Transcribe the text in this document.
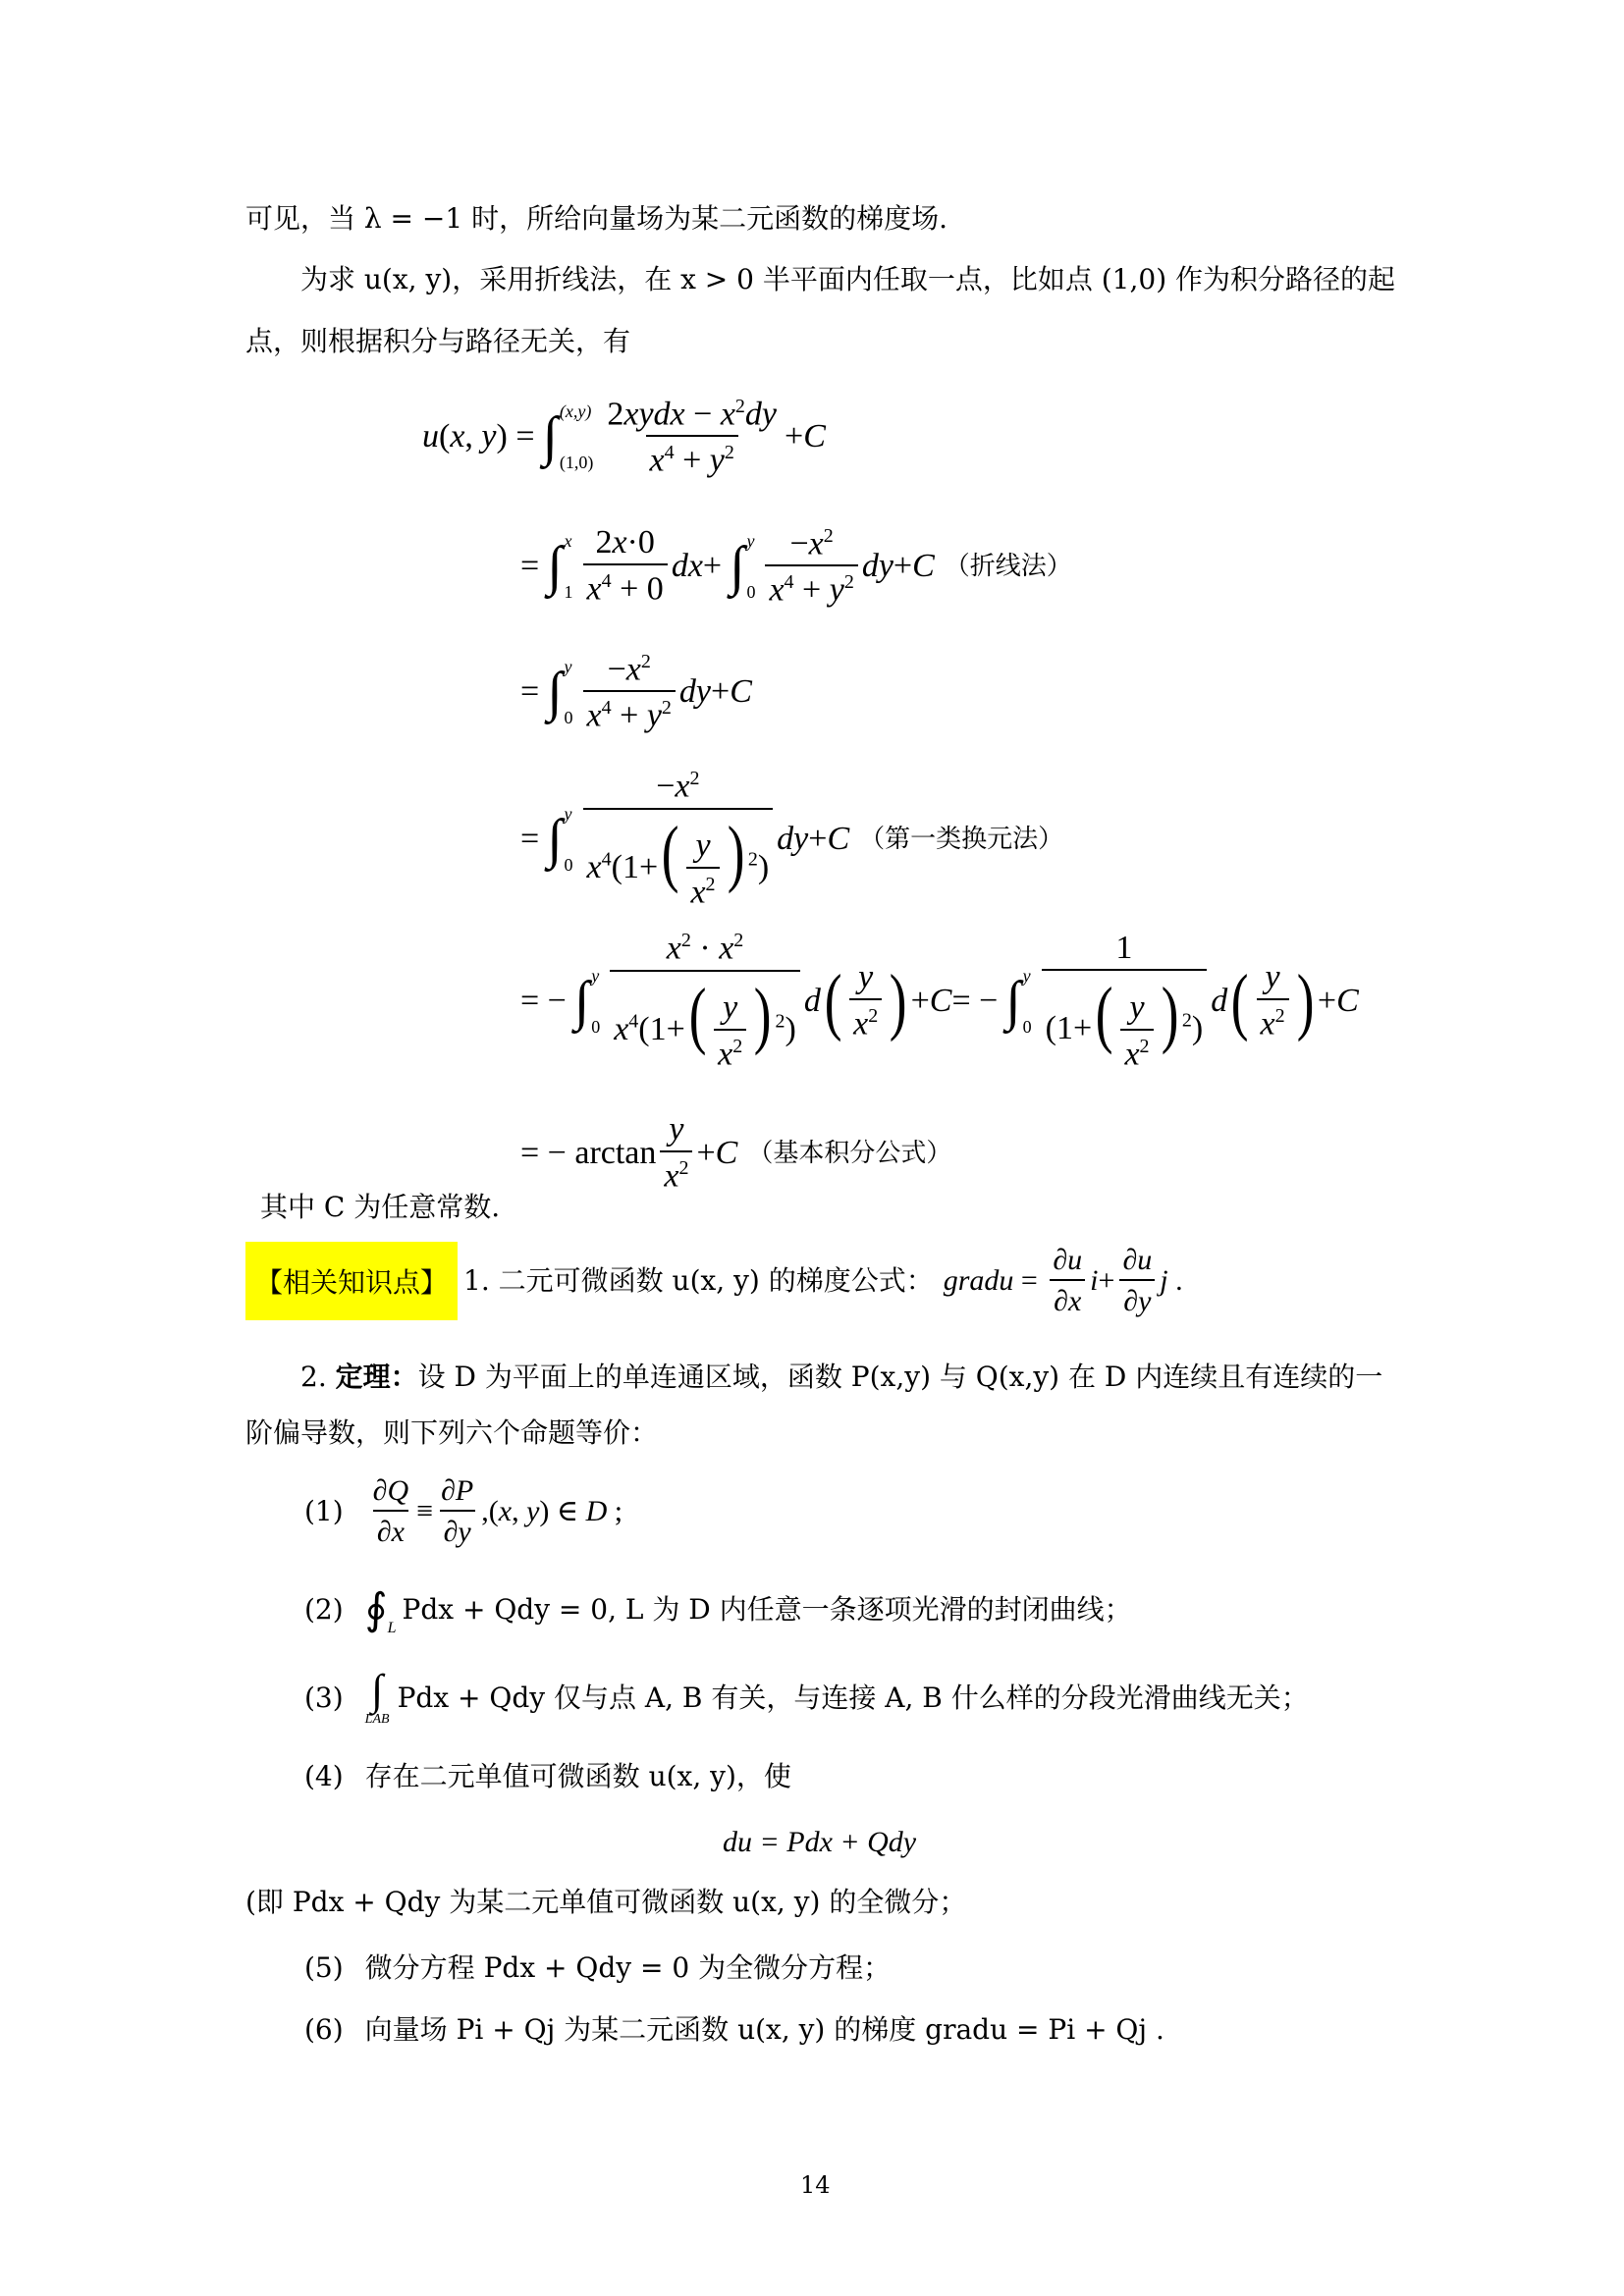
可见，当 λ = −1 时，所给向量场为某二元函数的梯度场.
为求 u(x, y)，采用折线法，在 x > 0 半平面内任取一点，比如点 (1,0) 作为积分路径的起
点，则根据积分与路径无关，有
u ( x , y ) = ∫ (x,y)
$(1,0) \frac{2xydx - x^2dy}{x^4 + y^2} + C$
= ∫ x
$1 \frac{2x\cdot 0}{x^4 + 0}$ dx + ∫ y
$0 \frac{-x^2}{x^4 + y^2}$ dy + C （折线法）
= ∫ y
$0 \frac{-x^2}{x^4 + y^2}$ dy + C
= ∫ y
$0 \frac{-x^2}{x^4(1+( \frac{y}{x^2} ) ^2)}$ dy + C （第一类换元法）
= − ∫ y
$0 \frac{x^2 \cdot x^2}{x^4(1+( \frac{y}{x^2} ) ^2)}$ d ( $\frac{y}{x^2}$ ) + C = − ∫ y
$0 \frac{1}{(1+( \frac{y}{x^2} ) ^2)}$ d ( $\frac{y}{x^2}$ ) + C
= − $\arctan \frac{y}{x^2} + C$ （基本积分公式）
其中 C 为任意常数.
【相关知识点】 1. 二元可微函数 u(x, y) 的梯度公式： gradu = $\frac{\partial u}{\partial x}$ $i + \frac{\partial u}{\partial y}$ j .
2. 定理：设 D 为平面上的单连通区域，函数 P(x,y) 与 Q(x,y) 在 D 内连续且有连续的一
阶偏导数，则下列六个命题等价：
$(1) \frac{\partial Q}{\partial x} \equiv \frac{\partial P}{\partial y}$ ,( x , y ) ∈ D ;
(2) ∮ L
Pdx + Qdy = 0, L 为 D 内任意一条逐项光滑的封闭曲线；
(3) ∫
LAB
Pdx + Qdy 仅与点 A, B 有关，与连接 A, B 什么样的分段光滑曲线无关；
(4) 存在二元单值可微函数 u(x, y)，使
du = Pdx + Qdy
(即 Pdx + Qdy 为某二元单值可微函数 u(x, y) 的全微分；
(5) 微分方程 Pdx + Qdy = 0 为全微分方程；
(6) 向量场 Pi + Qj 为某二元函数 u(x, y) 的梯度 gradu = Pi + Qj .
14
